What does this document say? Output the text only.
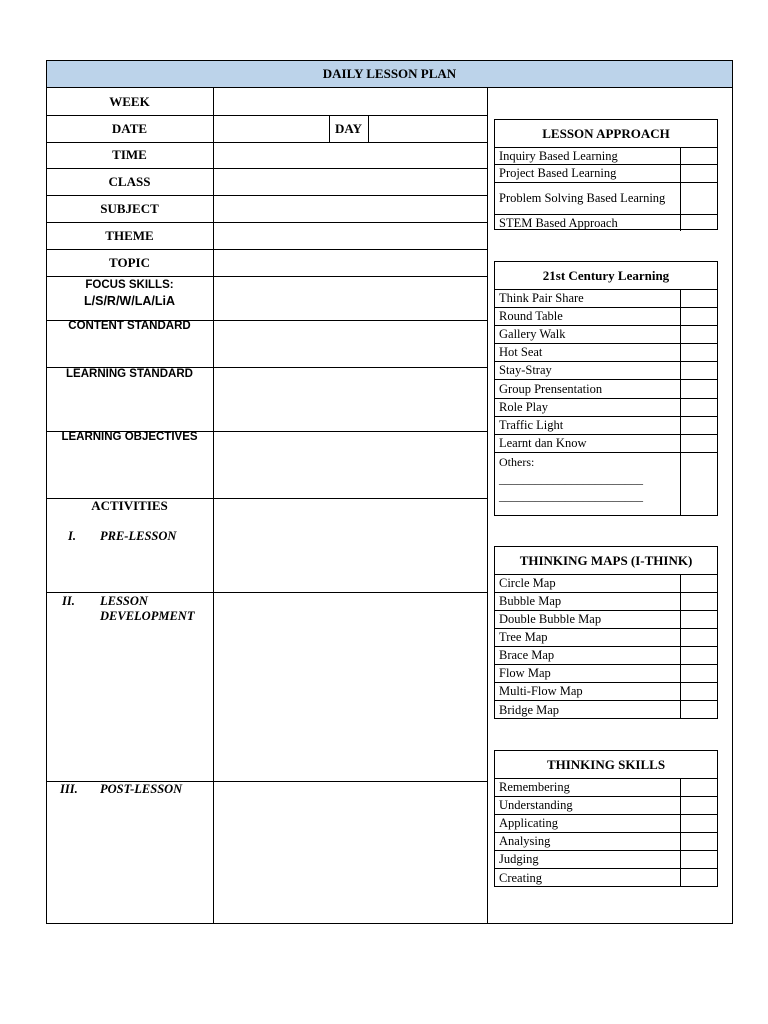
DAILY LESSON PLAN
WEEK
DATE	DAY
TIME
CLASS
SUBJECT
THEME
TOPIC
FOCUS SKILLS:
L/S/R/W/LA/LiA
CONTENT STANDARD
LEARNING STANDARD
LEARNING OBJECTIVES
ACTIVITIES
I. PRE-LESSON
II. LESSON
DEVELOPMENT
III. POST-LESSON
LESSON APPROACH
Inquiry Based Learning
Project Based Learning
Problem Solving Based Learning
STEM Based Approach
21st Century Learning
Think Pair Share
Round Table
Gallery Walk
Hot Seat
Stay-Stray
Group Prensentation
Role Play
Traffic Light
Learnt dan Know
Others:
________________________
________________________
THINKING MAPS (I-THINK)
Circle Map
Bubble Map
Double Bubble Map
Tree Map
Brace Map
Flow Map
Multi-Flow Map
Bridge Map
THINKING SKILLS
Remembering
Understanding
Applicating
Analysing
Judging
Creating
